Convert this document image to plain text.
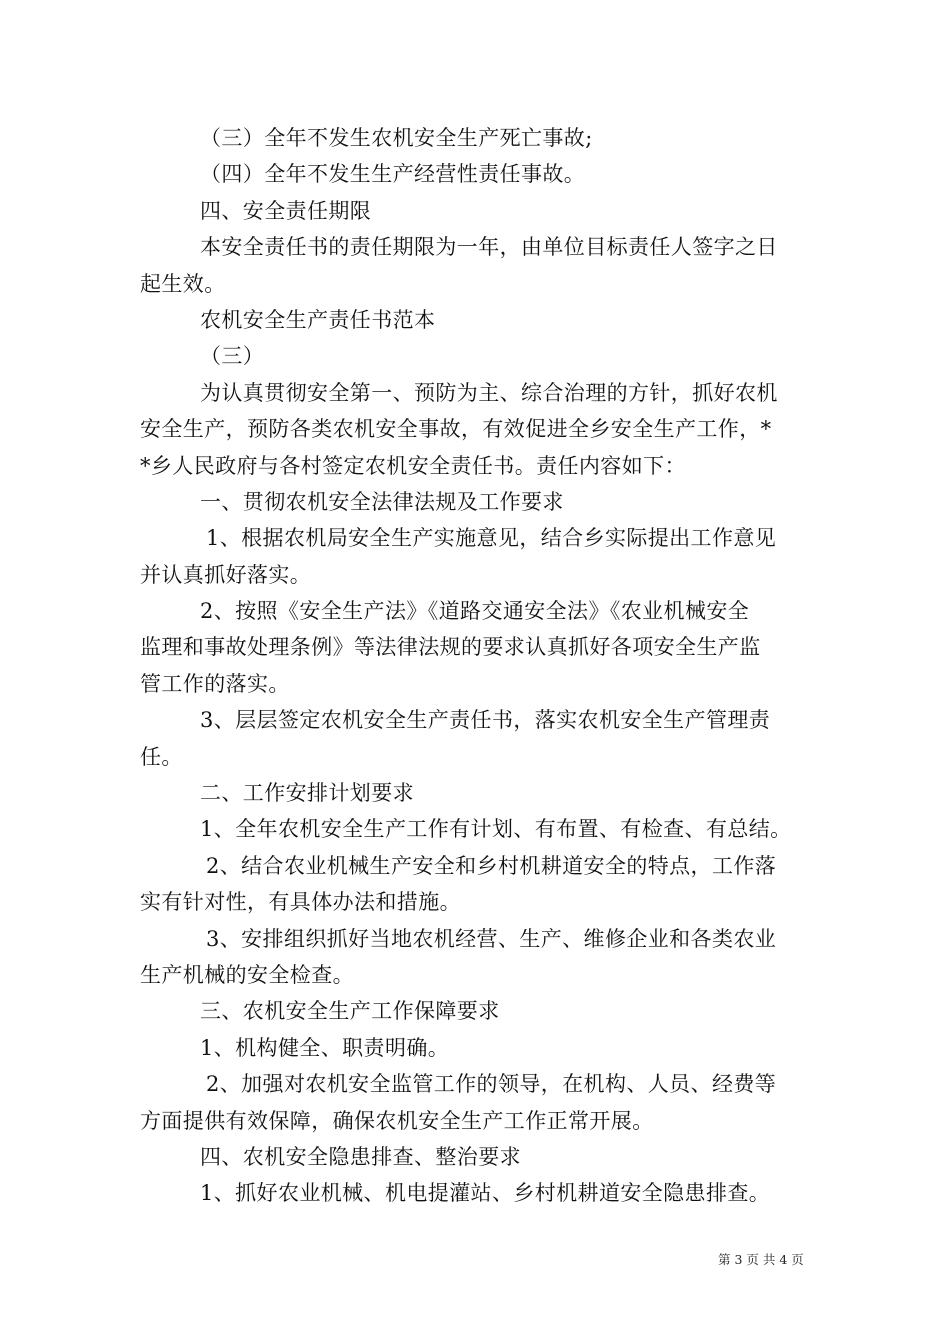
（三）全年不发生农机安全生产死亡事故;
（四）全年不发生生产经营性责任事故。
四、安全责任期限
本安全责任书的责任期限为一年，由单位目标责任人签字之日
起生效。
农机安全生产责任书范本
（三）
为认真贯彻安全第一、预防为主、综合治理的方针，抓好农机
安全生产，预防各类农机安全事故，有效促进全乡安全生产工作，*
*乡人民政府与各村签定农机安全责任书。责任内容如下：
一、贯彻农机安全法律法规及工作要求
1、根据农机局安全生产实施意见，结合乡实际提出工作意见
并认真抓好落实。
2、按照《安全生产法》《道路交通安全法》《农业机械安全
监理和事故处理条例》等法律法规的要求认真抓好各项安全生产监
管工作的落实。
3、层层签定农机安全生产责任书，落实农机安全生产管理责
任。
二、工作安排计划要求
1、全年农机安全生产工作有计划、有布置、有检查、有总结。
2、结合农业机械生产安全和乡村机耕道安全的特点，工作落
实有针对性，有具体办法和措施。
3、安排组织抓好当地农机经营、生产、维修企业和各类农业
生产机械的安全检查。
三、农机安全生产工作保障要求
1、机构健全、职责明确。
2、加强对农机安全监管工作的领导，在机构、人员、经费等
方面提供有效保障，确保农机安全生产工作正常开展。
四、农机安全隐患排查、整治要求
1、抓好农业机械、机电提灌站、乡村机耕道安全隐患排查。
第 3 页 共 4 页
